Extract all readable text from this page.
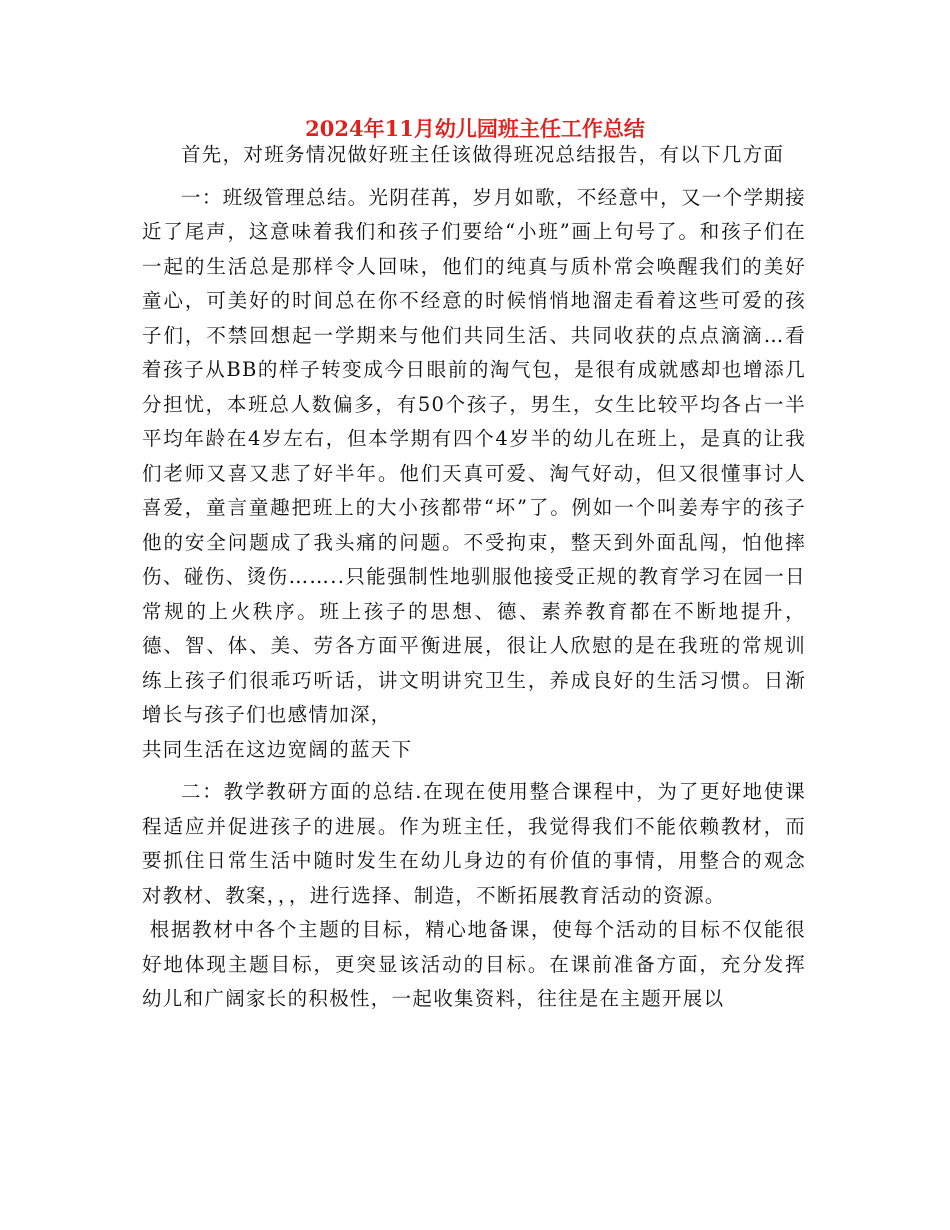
2024年11月幼儿园班主任工作总结

首先，对班务情况做好班主任该做得班况总结报告，有以下几方面

一：班级管理总结。光阴荏苒，岁月如歌，不经意中，又一个学期接近了尾声，这意味着我们和孩子们要给“小班”画上句号了。和孩子们在一起的生活总是那样令人回味，他们的纯真与质朴常会唤醒我们的美好童心，可美好的时间总在你不经意的时候悄悄地溜走看着这些可爱的孩子们，不禁回想起一学期来与他们共同生活、共同收获的点点滴滴…看着孩子从BB的样子转变成今日眼前的淘气包，是很有成就感却也增添几分担忧，本班总人数偏多，有50个孩子，男生，女生比较平均各占一半平均年龄在4岁左右，但本学期有四个4岁半的幼儿在班上，是真的让我们老师又喜又悲了好半年。他们天真可爱、淘气好动，但又很懂事讨人喜爱，童言童趣把班上的大小孩都带“坏”了。例如一个叫姜寿宇的孩子他的安全问题成了我头痛的问题。不受拘束，整天到外面乱闯，怕他摔伤、碰伤、烫伤……..只能强制性地驯服他接受正规的教育学习在园一日常规的上火秩序。班上孩子的思想、德、素养教育都在不断地提升，德、智、体、美、劳各方面平衡进展，很让人欣慰的是在我班的常规训练上孩子们很乖巧听话，讲文明讲究卫生，养成良好的生活习惯。日渐增长与孩子们也感情加深，

共同生活在这边宽阔的蓝天下

二：教学教研方面的总结.在现在使用整合课程中，为了更好地使课程适应并促进孩子的进展。作为班主任，我觉得我们不能依赖教材，而要抓住日常生活中随时发生在幼儿身边的有价值的事情，用整合的观念对教材、教案，，，进行选择、制造，不断拓展教育活动的资源。

根据教材中各个主题的目标，精心地备课，使每个活动的目标不仅能很好地体现主题目标，更突显该活动的目标。在课前准备方面，充分发挥幼儿和广阔家长的积极性，一起收集资料，往往是在主题开展以
